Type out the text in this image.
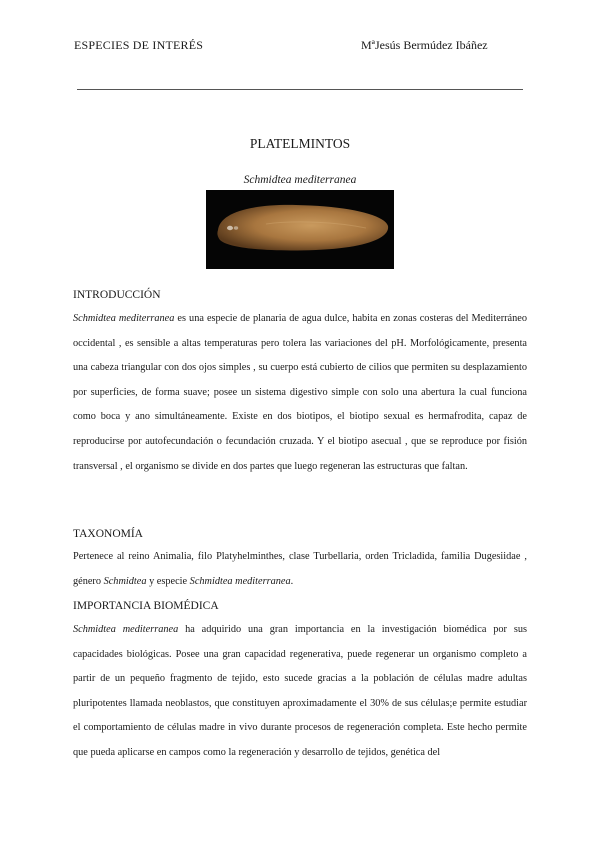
ESPECIES DE INTERÉS	MªJesús Bermúdez Ibáñez
PLATELMINTOS
Schmidtea mediterranea
INTRODUCCIÓN
Schmidtea mediterranea es una especie de planaria de agua dulce, habita en zonas costeras del Mediterráneo occidental , es sensible a altas temperaturas pero tolera las variaciones del pH. Morfológicamente, presenta una cabeza triangular con dos ojos simples , su cuerpo está cubierto de cilios que permiten su desplazamiento por superficies, de forma suave; posee un sistema digestivo simple con solo una abertura la cual funciona como boca y ano simultáneamente. Existe en dos biotipos, el biotipo sexual es hermafrodita, capaz de reproducirse por autofecundación o fecundación cruzada. Y el biotipo asecual , que se reproduce por fisión transversal , el organismo se divide en dos partes que luego regeneran las estructuras que faltan.
TAXONOMÍA
Pertenece al reino Animalia, filo Platyhelminthes, clase Turbellaria, orden Tricladida, familia Dugesiidae , género Schmidtea y especie Schmidtea mediterranea.
IMPORTANCIA BIOMÉDICA
Schmidtea mediterranea ha adquirido una gran importancia en la investigación biomédica por sus capacidades biológicas. Posee una gran capacidad regenerativa, puede regenerar un organismo completo a partir de un pequeño fragmento de tejido, esto sucede gracias a la población de células madre adultas pluripotentes llamada neoblastos, que constituyen aproximadamente el 30% de sus células;e permite estudiar el comportamiento de células madre in vivo durante procesos de regeneración completa. Este hecho permite que pueda aplicarse en campos como la regeneración y desarrollo de tejidos, genética del
